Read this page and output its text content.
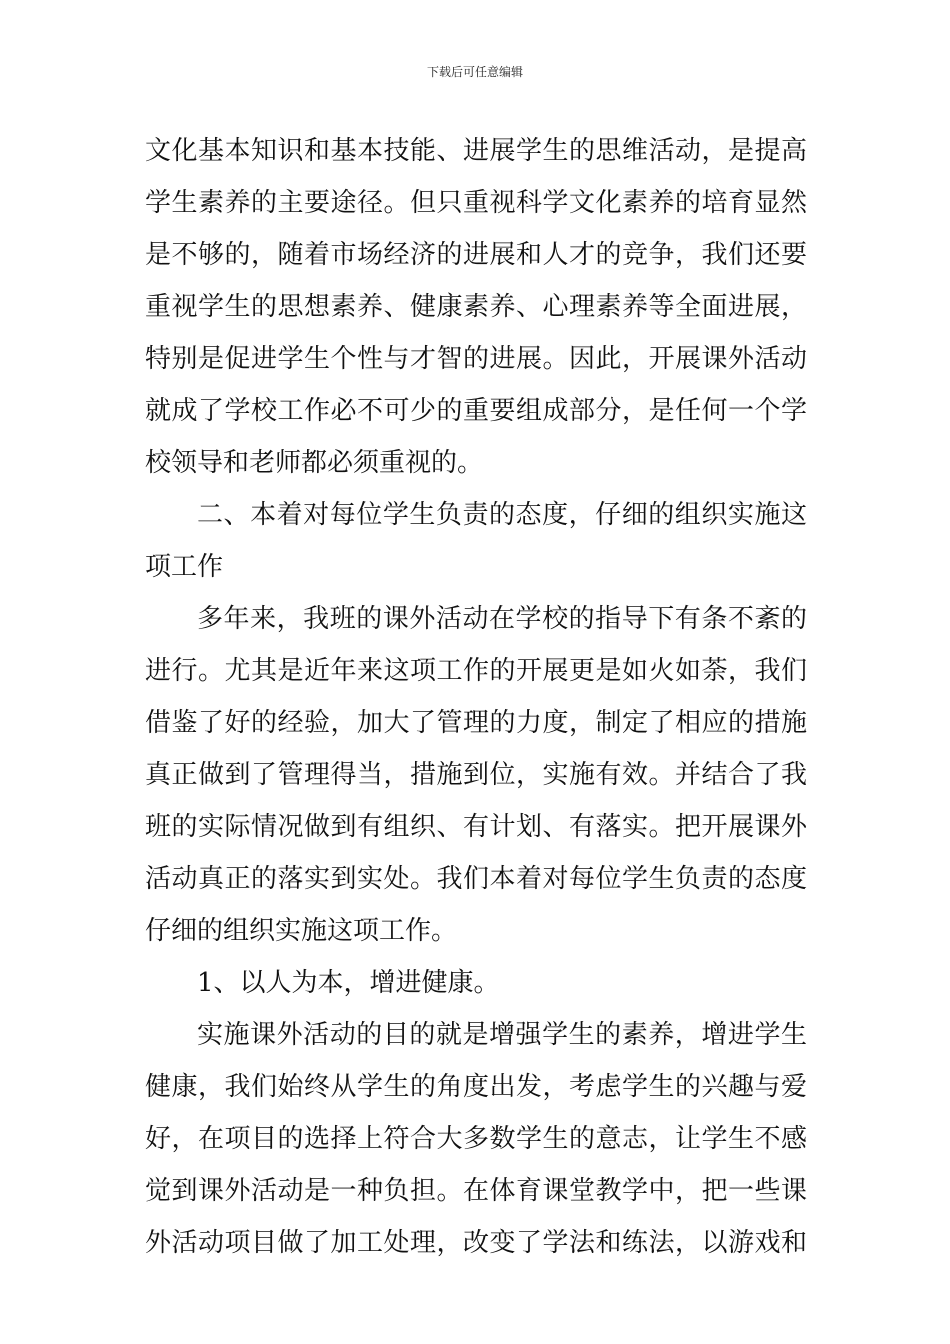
下载后可任意编辑
文化基本知识和基本技能、进展学生的思维活动，是提高
学生素养的主要途径。但只重视科学文化素养的培育显然
是不够的，随着市场经济的进展和人才的竞争，我们还要
重视学生的思想素养、健康素养、心理素养等全面进展，
特别是促进学生个性与才智的进展。因此，开展课外活动
就成了学校工作必不可少的重要组成部分，是任何一个学
校领导和老师都必须重视的。
二、本着对每位学生负责的态度，仔细的组织实施这
项工作
多年来，我班的课外活动在学校的指导下有条不紊的
进行。尤其是近年来这项工作的开展更是如火如荼，我们
借鉴了好的经验，加大了管理的力度，制定了相应的措施
真正做到了管理得当，措施到位，实施有效。并结合了我
班的实际情况做到有组织、有计划、有落实。把开展课外
活动真正的落实到实处。我们本着对每位学生负责的态度
仔细的组织实施这项工作。
1、以人为本，增进健康。
实施课外活动的目的就是增强学生的素养，增进学生
健康，我们始终从学生的角度出发，考虑学生的兴趣与爱
好，在项目的选择上符合大多数学生的意志，让学生不感
觉到课外活动是一种负担。在体育课堂教学中，把一些课
外活动项目做了加工处理，改变了学法和练法，以游戏和
